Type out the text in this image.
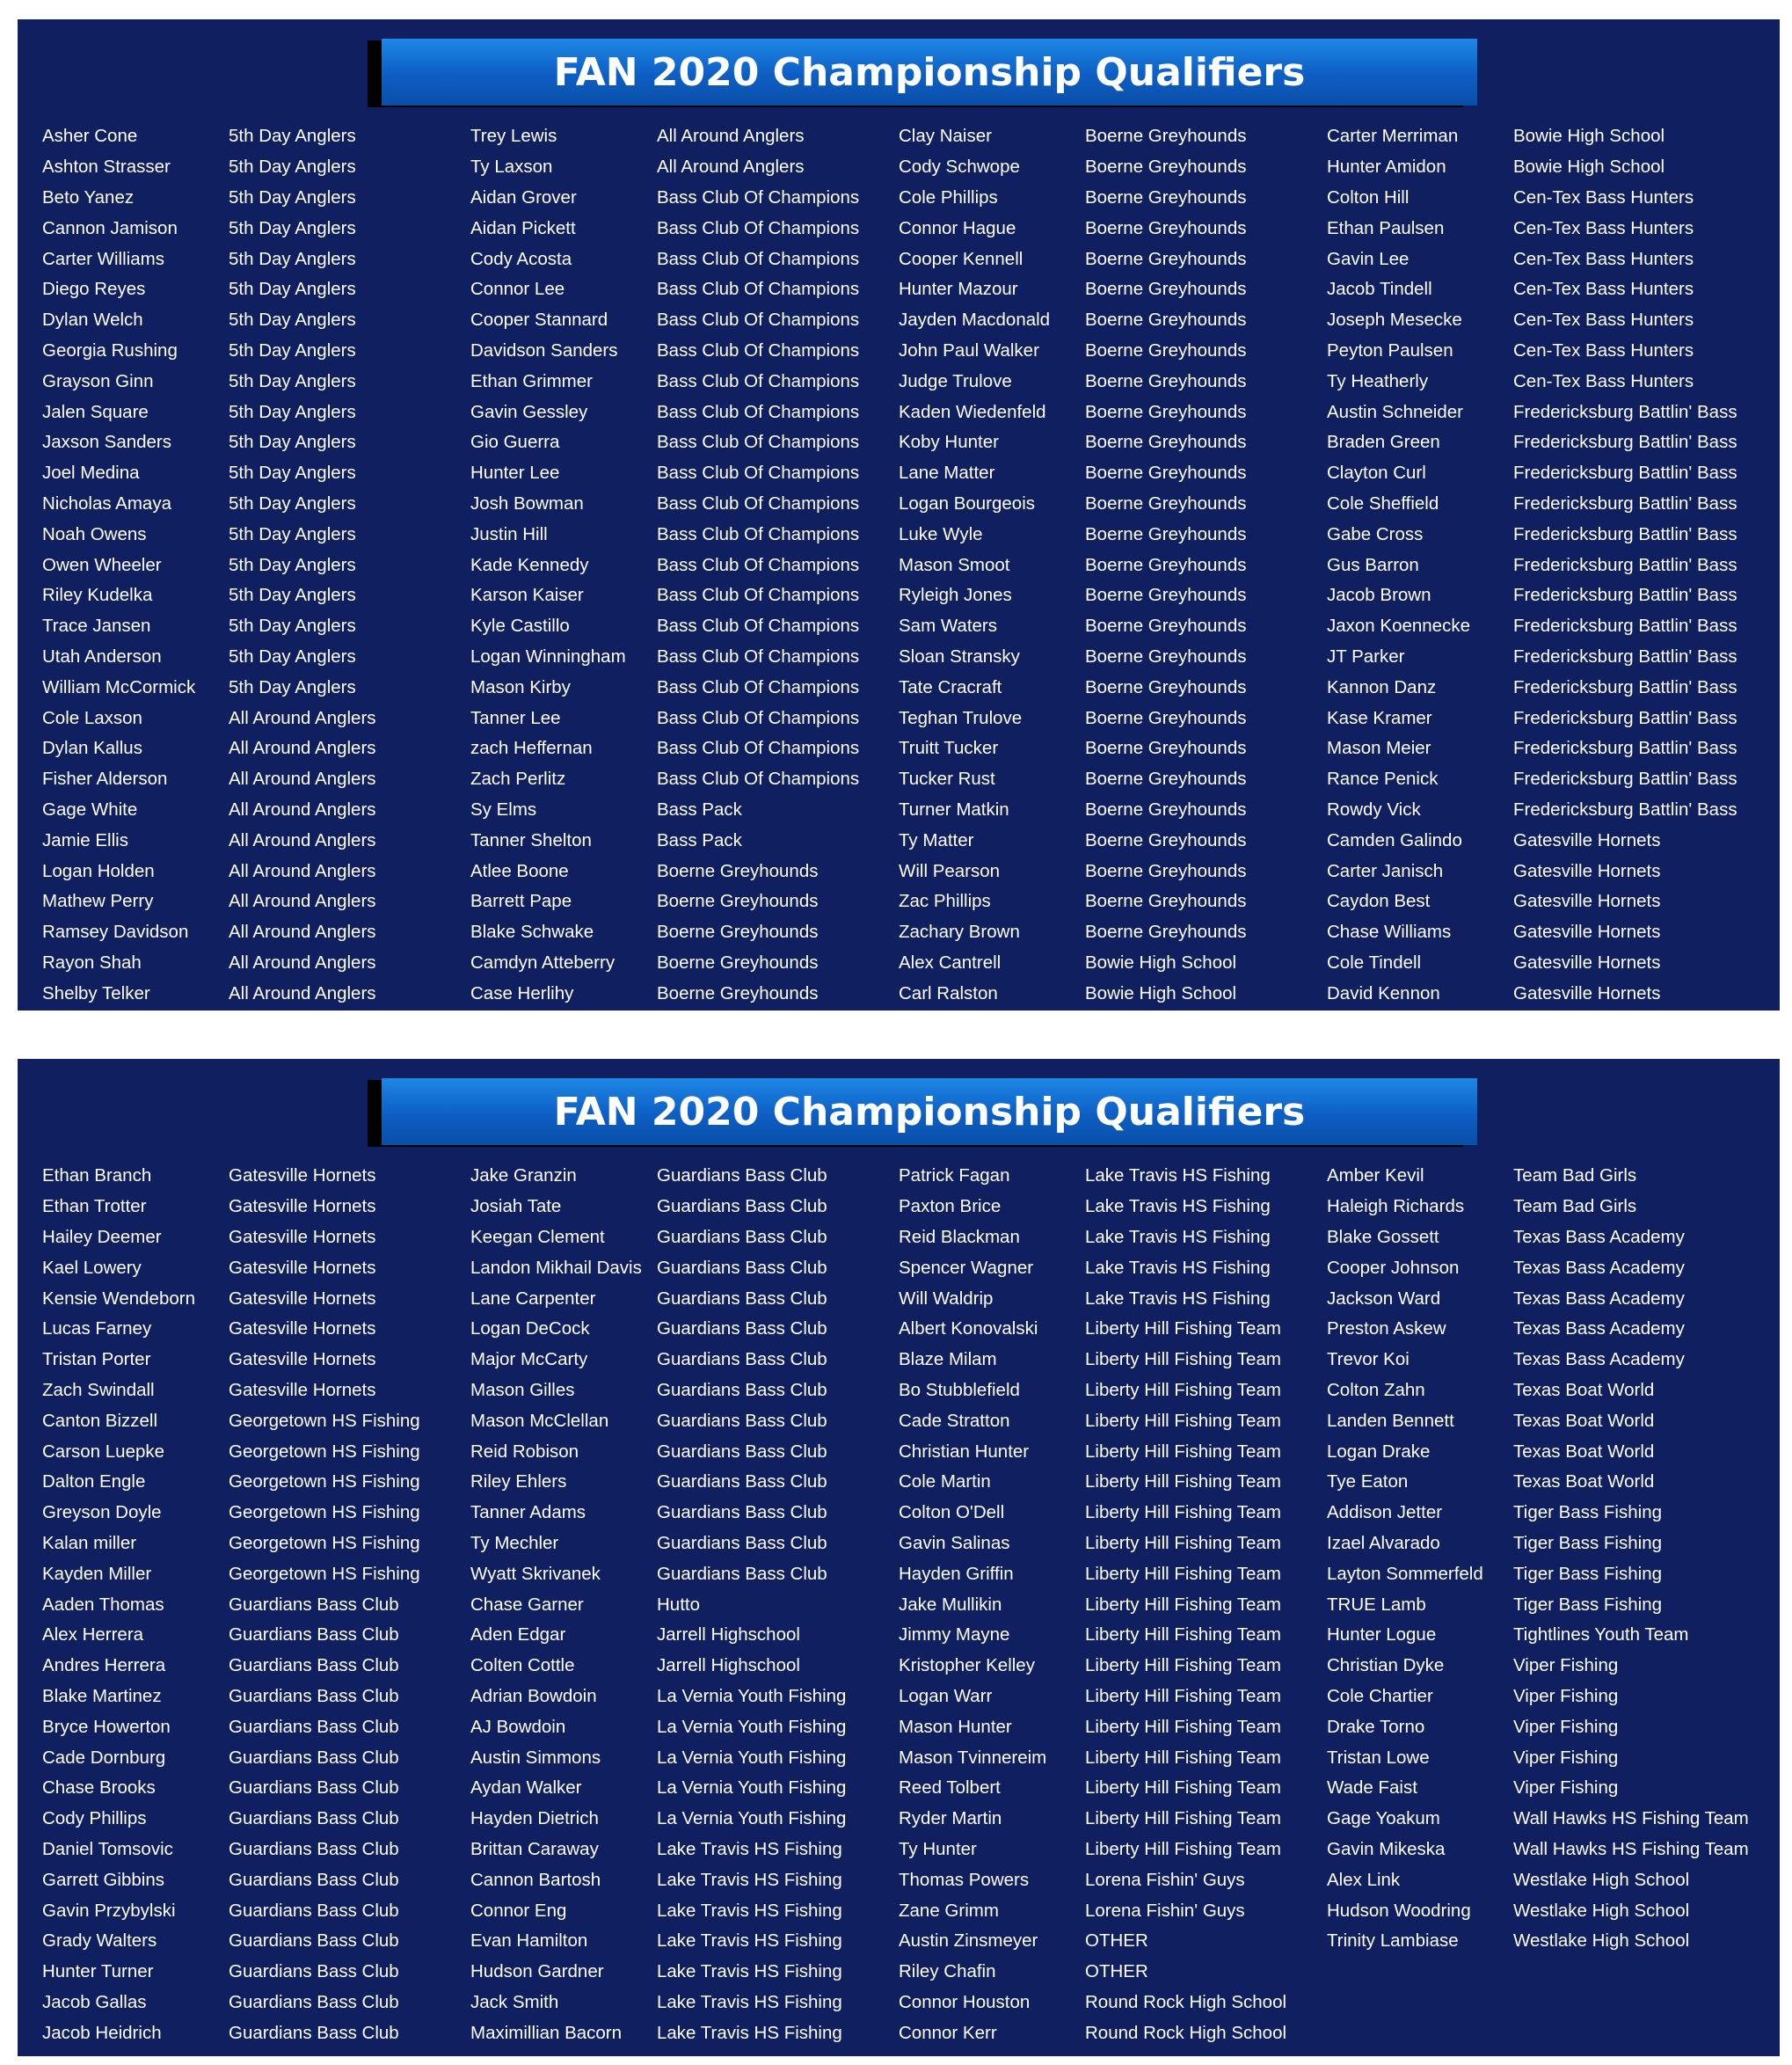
FAN 2020 Championship Qualifiers
Asher Cone	5th Day Anglers
Ashton Strasser	5th Day Anglers
Beto Yanez	5th Day Anglers
Cannon Jamison	5th Day Anglers
Carter Williams	5th Day Anglers
Diego Reyes	5th Day Anglers
Dylan Welch	5th Day Anglers
Georgia Rushing	5th Day Anglers
Grayson Ginn	5th Day Anglers
Jalen Square	5th Day Anglers
Jaxson Sanders	5th Day Anglers
Joel Medina	5th Day Anglers
Nicholas Amaya	5th Day Anglers
Noah Owens	5th Day Anglers
Owen Wheeler	5th Day Anglers
Riley Kudelka	5th Day Anglers
Trace Jansen	5th Day Anglers
Utah Anderson	5th Day Anglers
William McCormick	5th Day Anglers
Cole Laxson	All Around Anglers
Dylan Kallus	All Around Anglers
Fisher Alderson	All Around Anglers
Gage White	All Around Anglers
Jamie Ellis	All Around Anglers
Logan Holden	All Around Anglers
Mathew Perry	All Around Anglers
Ramsey Davidson	All Around Anglers
Rayon Shah	All Around Anglers
Shelby Telker	All Around Anglers
Trey Lewis	All Around Anglers
Ty Laxson	All Around Anglers
Aidan Grover	Bass Club Of Champions
Aidan Pickett	Bass Club Of Champions
Cody Acosta	Bass Club Of Champions
Connor Lee	Bass Club Of Champions
Cooper Stannard	Bass Club Of Champions
Davidson Sanders	Bass Club Of Champions
Ethan Grimmer	Bass Club Of Champions
Gavin Gessley	Bass Club Of Champions
Gio Guerra	Bass Club Of Champions
Hunter Lee	Bass Club Of Champions
Josh Bowman	Bass Club Of Champions
Justin Hill	Bass Club Of Champions
Kade Kennedy	Bass Club Of Champions
Karson Kaiser	Bass Club Of Champions
Kyle Castillo	Bass Club Of Champions
Logan Winningham	Bass Club Of Champions
Mason Kirby	Bass Club Of Champions
Tanner Lee	Bass Club Of Champions
zach Heffernan	Bass Club Of Champions
Zach Perlitz	Bass Club Of Champions
Sy Elms	Bass Pack
Tanner Shelton	Bass Pack
Atlee Boone	Boerne Greyhounds
Barrett Pape	Boerne Greyhounds
Blake Schwake	Boerne Greyhounds
Camdyn Atteberry	Boerne Greyhounds
Case Herlihy	Boerne Greyhounds
Clay Naiser	Boerne Greyhounds
Cody Schwope	Boerne Greyhounds
Cole Phillips	Boerne Greyhounds
Connor Hague	Boerne Greyhounds
Cooper Kennell	Boerne Greyhounds
Hunter Mazour	Boerne Greyhounds
Jayden Macdonald	Boerne Greyhounds
John Paul Walker	Boerne Greyhounds
Judge Trulove	Boerne Greyhounds
Kaden Wiedenfeld	Boerne Greyhounds
Koby Hunter	Boerne Greyhounds
Lane Matter	Boerne Greyhounds
Logan Bourgeois	Boerne Greyhounds
Luke Wyle	Boerne Greyhounds
Mason Smoot	Boerne Greyhounds
Ryleigh Jones	Boerne Greyhounds
Sam Waters	Boerne Greyhounds
Sloan Stransky	Boerne Greyhounds
Tate Cracraft	Boerne Greyhounds
Teghan Trulove	Boerne Greyhounds
Truitt Tucker	Boerne Greyhounds
Tucker Rust	Boerne Greyhounds
Turner Matkin	Boerne Greyhounds
Ty Matter	Boerne Greyhounds
Will Pearson	Boerne Greyhounds
Zac Phillips	Boerne Greyhounds
Zachary Brown	Boerne Greyhounds
Alex Cantrell	Bowie High School
Carl Ralston	Bowie High School
Carter Merriman	Bowie High School
Hunter Amidon	Bowie High School
Colton Hill	Cen-Tex Bass Hunters
Ethan Paulsen	Cen-Tex Bass Hunters
Gavin Lee	Cen-Tex Bass Hunters
Jacob Tindell	Cen-Tex Bass Hunters
Joseph Mesecke	Cen-Tex Bass Hunters
Peyton Paulsen	Cen-Tex Bass Hunters
Ty Heatherly	Cen-Tex Bass Hunters
Austin Schneider	Fredericksburg Battlin' Bass
Braden Green	Fredericksburg Battlin' Bass
Clayton Curl	Fredericksburg Battlin' Bass
Cole Sheffield	Fredericksburg Battlin' Bass
Gabe Cross	Fredericksburg Battlin' Bass
Gus Barron	Fredericksburg Battlin' Bass
Jacob Brown	Fredericksburg Battlin' Bass
Jaxon Koennecke	Fredericksburg Battlin' Bass
JT Parker	Fredericksburg Battlin' Bass
Kannon Danz	Fredericksburg Battlin' Bass
Kase Kramer	Fredericksburg Battlin' Bass
Mason Meier	Fredericksburg Battlin' Bass
Rance Penick	Fredericksburg Battlin' Bass
Rowdy Vick	Fredericksburg Battlin' Bass
Camden Galindo	Gatesville Hornets
Carter Janisch	Gatesville Hornets
Caydon Best	Gatesville Hornets
Chase Williams	Gatesville Hornets
Cole Tindell	Gatesville Hornets
David Kennon	Gatesville Hornets
FAN 2020 Championship Qualifiers
Ethan Branch	Gatesville Hornets
Ethan Trotter	Gatesville Hornets
Hailey Deemer	Gatesville Hornets
Kael Lowery	Gatesville Hornets
Kensie Wendeborn	Gatesville Hornets
Lucas Farney	Gatesville Hornets
Tristan Porter	Gatesville Hornets
Zach Swindall	Gatesville Hornets
Canton Bizzell	Georgetown HS Fishing
Carson Luepke	Georgetown HS Fishing
Dalton Engle	Georgetown HS Fishing
Greyson Doyle	Georgetown HS Fishing
Kalan miller	Georgetown HS Fishing
Kayden Miller	Georgetown HS Fishing
Aaden Thomas	Guardians Bass Club
Alex Herrera	Guardians Bass Club
Andres Herrera	Guardians Bass Club
Blake Martinez	Guardians Bass Club
Bryce Howerton	Guardians Bass Club
Cade Dornburg	Guardians Bass Club
Chase Brooks	Guardians Bass Club
Cody Phillips	Guardians Bass Club
Daniel Tomsovic	Guardians Bass Club
Garrett Gibbins	Guardians Bass Club
Gavin Przybylski	Guardians Bass Club
Grady Walters	Guardians Bass Club
Hunter Turner	Guardians Bass Club
Jacob Gallas	Guardians Bass Club
Jacob Heidrich	Guardians Bass Club
Jake Granzin	Guardians Bass Club
Josiah Tate	Guardians Bass Club
Keegan Clement	Guardians Bass Club
Landon Mikhail Davis Guardians Bass Club
Lane Carpenter	Guardians Bass Club
Logan DeCock	Guardians Bass Club
Major McCarty	Guardians Bass Club
Mason Gilles	Guardians Bass Club
Mason McClellan	Guardians Bass Club
Reid Robison	Guardians Bass Club
Riley Ehlers	Guardians Bass Club
Tanner Adams	Guardians Bass Club
Ty Mechler	Guardians Bass Club
Wyatt Skrivanek	Guardians Bass Club
Chase Garner	Hutto
Aden Edgar	Jarrell Highschool
Colten Cottle	Jarrell Highschool
Adrian Bowdoin	La Vernia Youth Fishing
AJ Bowdoin	La Vernia Youth Fishing
Austin Simmons	La Vernia Youth Fishing
Aydan Walker	La Vernia Youth Fishing
Hayden Dietrich	La Vernia Youth Fishing
Brittan Caraway	Lake Travis HS Fishing
Cannon Bartosh	Lake Travis HS Fishing
Connor Eng	Lake Travis HS Fishing
Evan Hamilton	Lake Travis HS Fishing
Hudson Gardner	Lake Travis HS Fishing
Jack Smith	Lake Travis HS Fishing
Maximillian Bacorn	Lake Travis HS Fishing
Patrick Fagan	Lake Travis HS Fishing
Paxton Brice	Lake Travis HS Fishing
Reid Blackman	Lake Travis HS Fishing
Spencer Wagner	Lake Travis HS Fishing
Will Waldrip	Lake Travis HS Fishing
Albert Konovalski	Liberty Hill Fishing Team
Blaze Milam	Liberty Hill Fishing Team
Bo Stubblefield	Liberty Hill Fishing Team
Cade Stratton	Liberty Hill Fishing Team
Christian Hunter	Liberty Hill Fishing Team
Cole Martin	Liberty Hill Fishing Team
Colton O'Dell	Liberty Hill Fishing Team
Gavin Salinas	Liberty Hill Fishing Team
Hayden Griffin	Liberty Hill Fishing Team
Jake Mullikin	Liberty Hill Fishing Team
Jimmy Mayne	Liberty Hill Fishing Team
Kristopher Kelley	Liberty Hill Fishing Team
Logan Warr	Liberty Hill Fishing Team
Mason Hunter	Liberty Hill Fishing Team
Mason Tvinnereim	Liberty Hill Fishing Team
Reed Tolbert	Liberty Hill Fishing Team
Ryder Martin	Liberty Hill Fishing Team
Ty Hunter	Liberty Hill Fishing Team
Thomas Powers	Lorena Fishin' Guys
Zane Grimm	Lorena Fishin' Guys
Austin Zinsmeyer	OTHER
Riley Chafin	OTHER
Connor Houston	Round Rock High School
Connor Kerr	Round Rock High School
Amber Kevil	Team Bad Girls
Haleigh Richards	Team Bad Girls
Blake Gossett	Texas Bass Academy
Cooper Johnson	Texas Bass Academy
Jackson Ward	Texas Bass Academy
Preston Askew	Texas Bass Academy
Trevor Koi	Texas Bass Academy
Colton Zahn	Texas Boat World
Landen Bennett	Texas Boat World
Logan Drake	Texas Boat World
Tye Eaton	Texas Boat World
Addison Jetter	Tiger Bass Fishing
Izael Alvarado	Tiger Bass Fishing
Layton Sommerfeld	Tiger Bass Fishing
TRUE Lamb	Tiger Bass Fishing
Hunter Logue	Tightlines Youth Team
Christian Dyke	Viper Fishing
Cole Chartier	Viper Fishing
Drake Torno	Viper Fishing
Tristan Lowe	Viper Fishing
Wade Faist	Viper Fishing
Gage Yoakum	Wall Hawks HS Fishing Team
Gavin Mikeska	Wall Hawks HS Fishing Team
Alex Link	Westlake High School
Hudson Woodring	Westlake High School
Trinity Lambiase	Westlake High School
